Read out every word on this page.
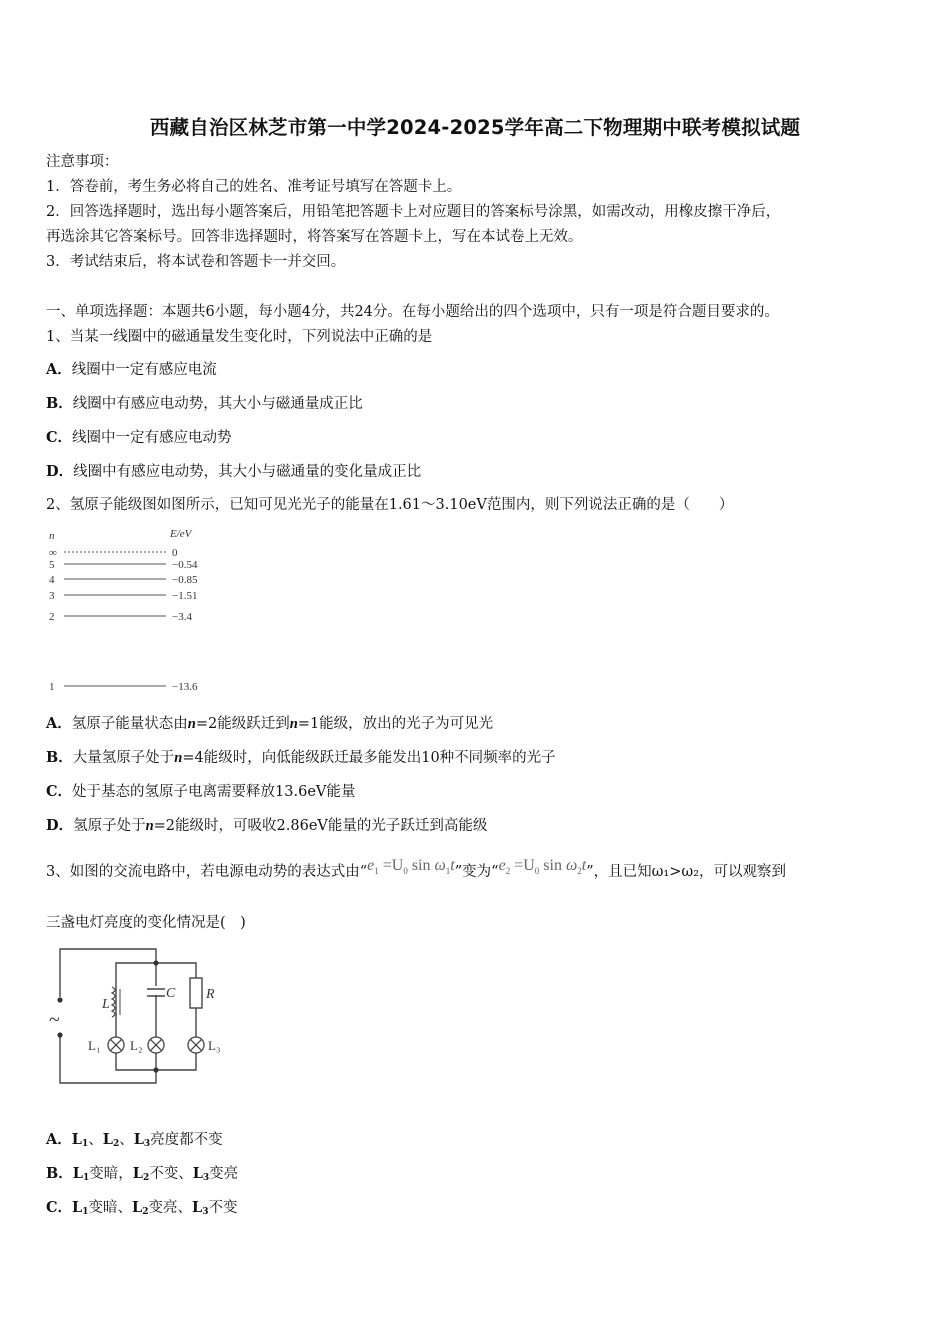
西藏自治区林芝市第一中学2024-2025学年高二下物理期中联考模拟试题
注意事项：
1．答卷前，考生务必将自己的姓名、准考证号填写在答题卡上。
2．回答选择题时，选出每小题答案后，用铅笔把答题卡上对应题目的答案标号涂黑，如需改动，用橡皮擦干净后，
再选涂其它答案标号。回答非选择题时，将答案写在答题卡上，写在本试卷上无效。
3．考试结束后，将本试卷和答题卡一并交回。
一、单项选择题：本题共6小题，每小题4分，共24分。在每小题给出的四个选项中，只有一项是符合题目要求的。
1、当某一线圈中的磁通量发生变化时，下列说法中正确的是
A．线圈中一定有感应电流
B．线圈中有感应电动势，其大小与磁通量成正比
C．线圈中一定有感应电动势
D．线圈中有感应电动势，其大小与磁通量的变化量成正比
2、氢原子能级图如图所示，已知可见光光子的能量在1.61～3.10eV范围内，则下列说法正确的是（　　）
n	E/eV
∞	0
5	−0.54
4	−0.85
3	−1.51
2	−3.4
1	−13.6
A．氢原子能量状态由n=2能级跃迁到n=1能级，放出的光子为可见光
B．大量氢原子处于n=4能级时，向低能级跃迁最多能发出10种不同频率的光子
C．处于基态的氢原子电离需要释放13.6eV能量
D．氢原子处于n=2能级时，可吸收2.86eV能量的光子跃迁到高能级
3、如图的交流电路中，若电源电动势的表达式由“$e_1 =U_0$ $\sin \omega_1t$”变为“$e_2 =U_0$ $\sin \omega_2t$”，且已知ω₁>ω₂，可以观察到
三盏电灯亮度的变化情况是(　)
~
L
C R
L₁ L₂	L₃
A．$L_1$、$L_2$、$L_3$亮度都不变
B．$L_1$变暗，$L_2$不变、$L_3$变亮
C．$L_1$变暗、$L_2$变亮、$L_3$不变
